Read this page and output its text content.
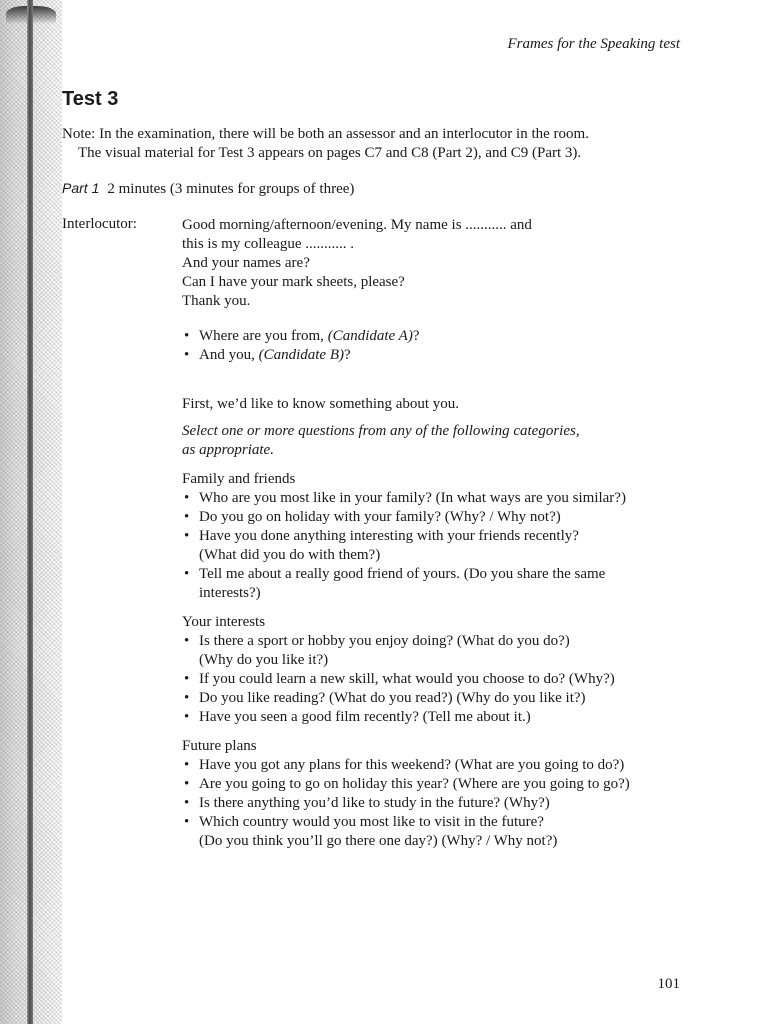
Frames for the Speaking test
Test 3
Note: In the examination, there will be both an assessor and an interlocutor in the room.
The visual material for Test 3 appears on pages C7 and C8 (Part 2), and C9 (Part 3).
Part 1 2 minutes (3 minutes for groups of three)
Interlocutor:	Good morning/afternoon/evening. My name is ........... and
this is my colleague ........... .
And your names are?
Can I have your mark sheets, please?
Thank you.

• Where are you from, (Candidate A)?
• And you, (Candidate B)?

First, we’d like to know something about you.

Select one or more questions from any of the following categories,
as appropriate.

Family and friends

• Who are you most like in your family? (In what ways are you similar?)
• Do you go on holiday with your family? (Why? / Why not?)
• Have you done anything interesting with your friends recently?
(What did you do with them?)
• Tell me about a really good friend of yours. (Do you share the same
interests?)

Your interests

• Is there a sport or hobby you enjoy doing? (What do you do?)
(Why do you like it?)
• If you could learn a new skill, what would you choose to do? (Why?)
• Do you like reading? (What do you read?) (Why do you like it?)
• Have you seen a good film recently? (Tell me about it.)

Future plans

• Have you got any plans for this weekend? (What are you going to do?)
• Are you going to go on holiday this year? (Where are you going to go?)
• Is there anything you’d like to study in the future? (Why?)
• Which country would you most like to visit in the future?
(Do you think you’ll go there one day?) (Why? / Why not?)
101
